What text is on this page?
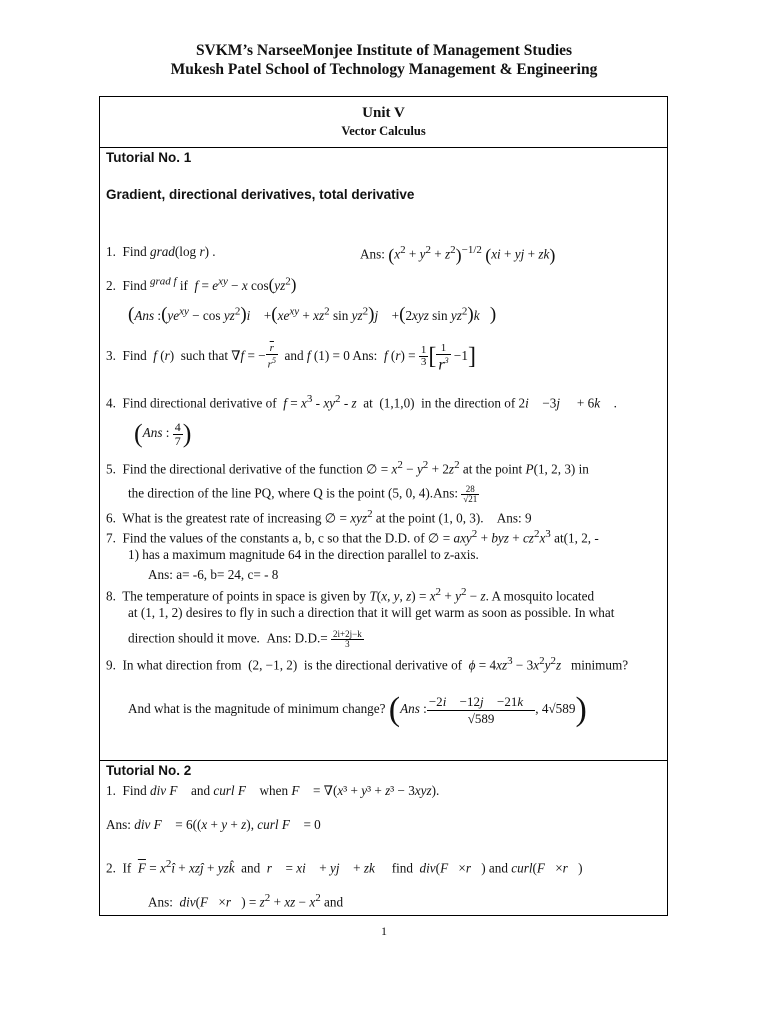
SVKM’s NarseeMonjee Institute of Management Studies
Mukesh Patel School of Technology Management & Engineering
Unit V
Vector Calculus
Tutorial No. 1
Gradient, directional derivatives, total derivative
1.  Find grad(log r) .	Ans: $(x^2 + y^2 + z^2)^{-1/2}$ (xi + yj + zk)
2.  Find $^{grad f}$ if  $f = e^{xy} - x$ $\cos(yz^2)$
(Ans $:(ye^{xy} - \cos$ $yz^2)i⃗ +(xe^{xy} + xz^2$ $\sin yz^2)j⃗ +(2xyz$ $\sin yz^2)k⃗$)
3.  Find  f (r)  such that ∇f = − $\frac{\overline{r}}{r^5}$ and f (1) = 0 Ans:  f $(r) = \frac{1}{3}$ [ $\frac{1}{r^3} -1$]
4.  Find directional derivative of  $f = x^3 - xy^2 - z$  at  (1,1,0)  in the direction of 2i⃗ −3j⃗  + 6k⃗ .
(Ans : $\frac{4}{7}$ )
5.  Find the directional derivative of the function ∅ = $x^2 - y^2 + 2z^2$ at the point P(1, 2, 3) in
the direction of the line PQ, where Q is the point (5, 0, 4).Ans: $\frac{28}{√21}$
6.  What is the greatest rate of increasing ∅ = xyz$^2$ at the point (1, 0, 3).    Ans: 9
7.  Find the values of the constants a, b, c so that the D.D. of ∅ = axy$^2$ + byz + $cz^2x^3$ at(1, 2, -
1) has a maximum magnitude 64 in the direction parallel to z-axis.
Ans: a= -6, b= 24, c= - 8
8.  The temperature of points in space is given by T(x, y, $z) = x^2 + y^2 - z$. A mosquito located
at (1, 1, 2) desires to fly in such a direction that it will get warm as soon as possible. In what
direction should it move.  Ans: $D.D.= \frac{2i+2j-k}{3}$
9.  In what direction from  (2, −1, 2)  is the directional derivative of  $\phi = 4xz^3 - 3x^2y^2z$   minimum?
And what is the magnitude of minimum change? (Ans : $\frac{-2i⃗ -12j⃗ -21k⃗}{√589}$ , 4√589)
Tutorial No. 2
1.  Find div F⃗ and curl F⃗ when F⃗ = ∇(x³ + y³ + z³ − 3xyz).
Ans: div F⃗ = 6((x + y + z), curl F⃗ = 0
2.  If  $\overline{F}$ = $x^2î$ + xzĵ + yzk̂  and  r⃗ = xi⃗ + yj⃗ + zk⃗  find  div(F⃗×r⃗) and curl(F⃗×r⃗)
Ans:  div(F⃗×r⃗) = $z^2$ + xz − $x^2$ and
1
